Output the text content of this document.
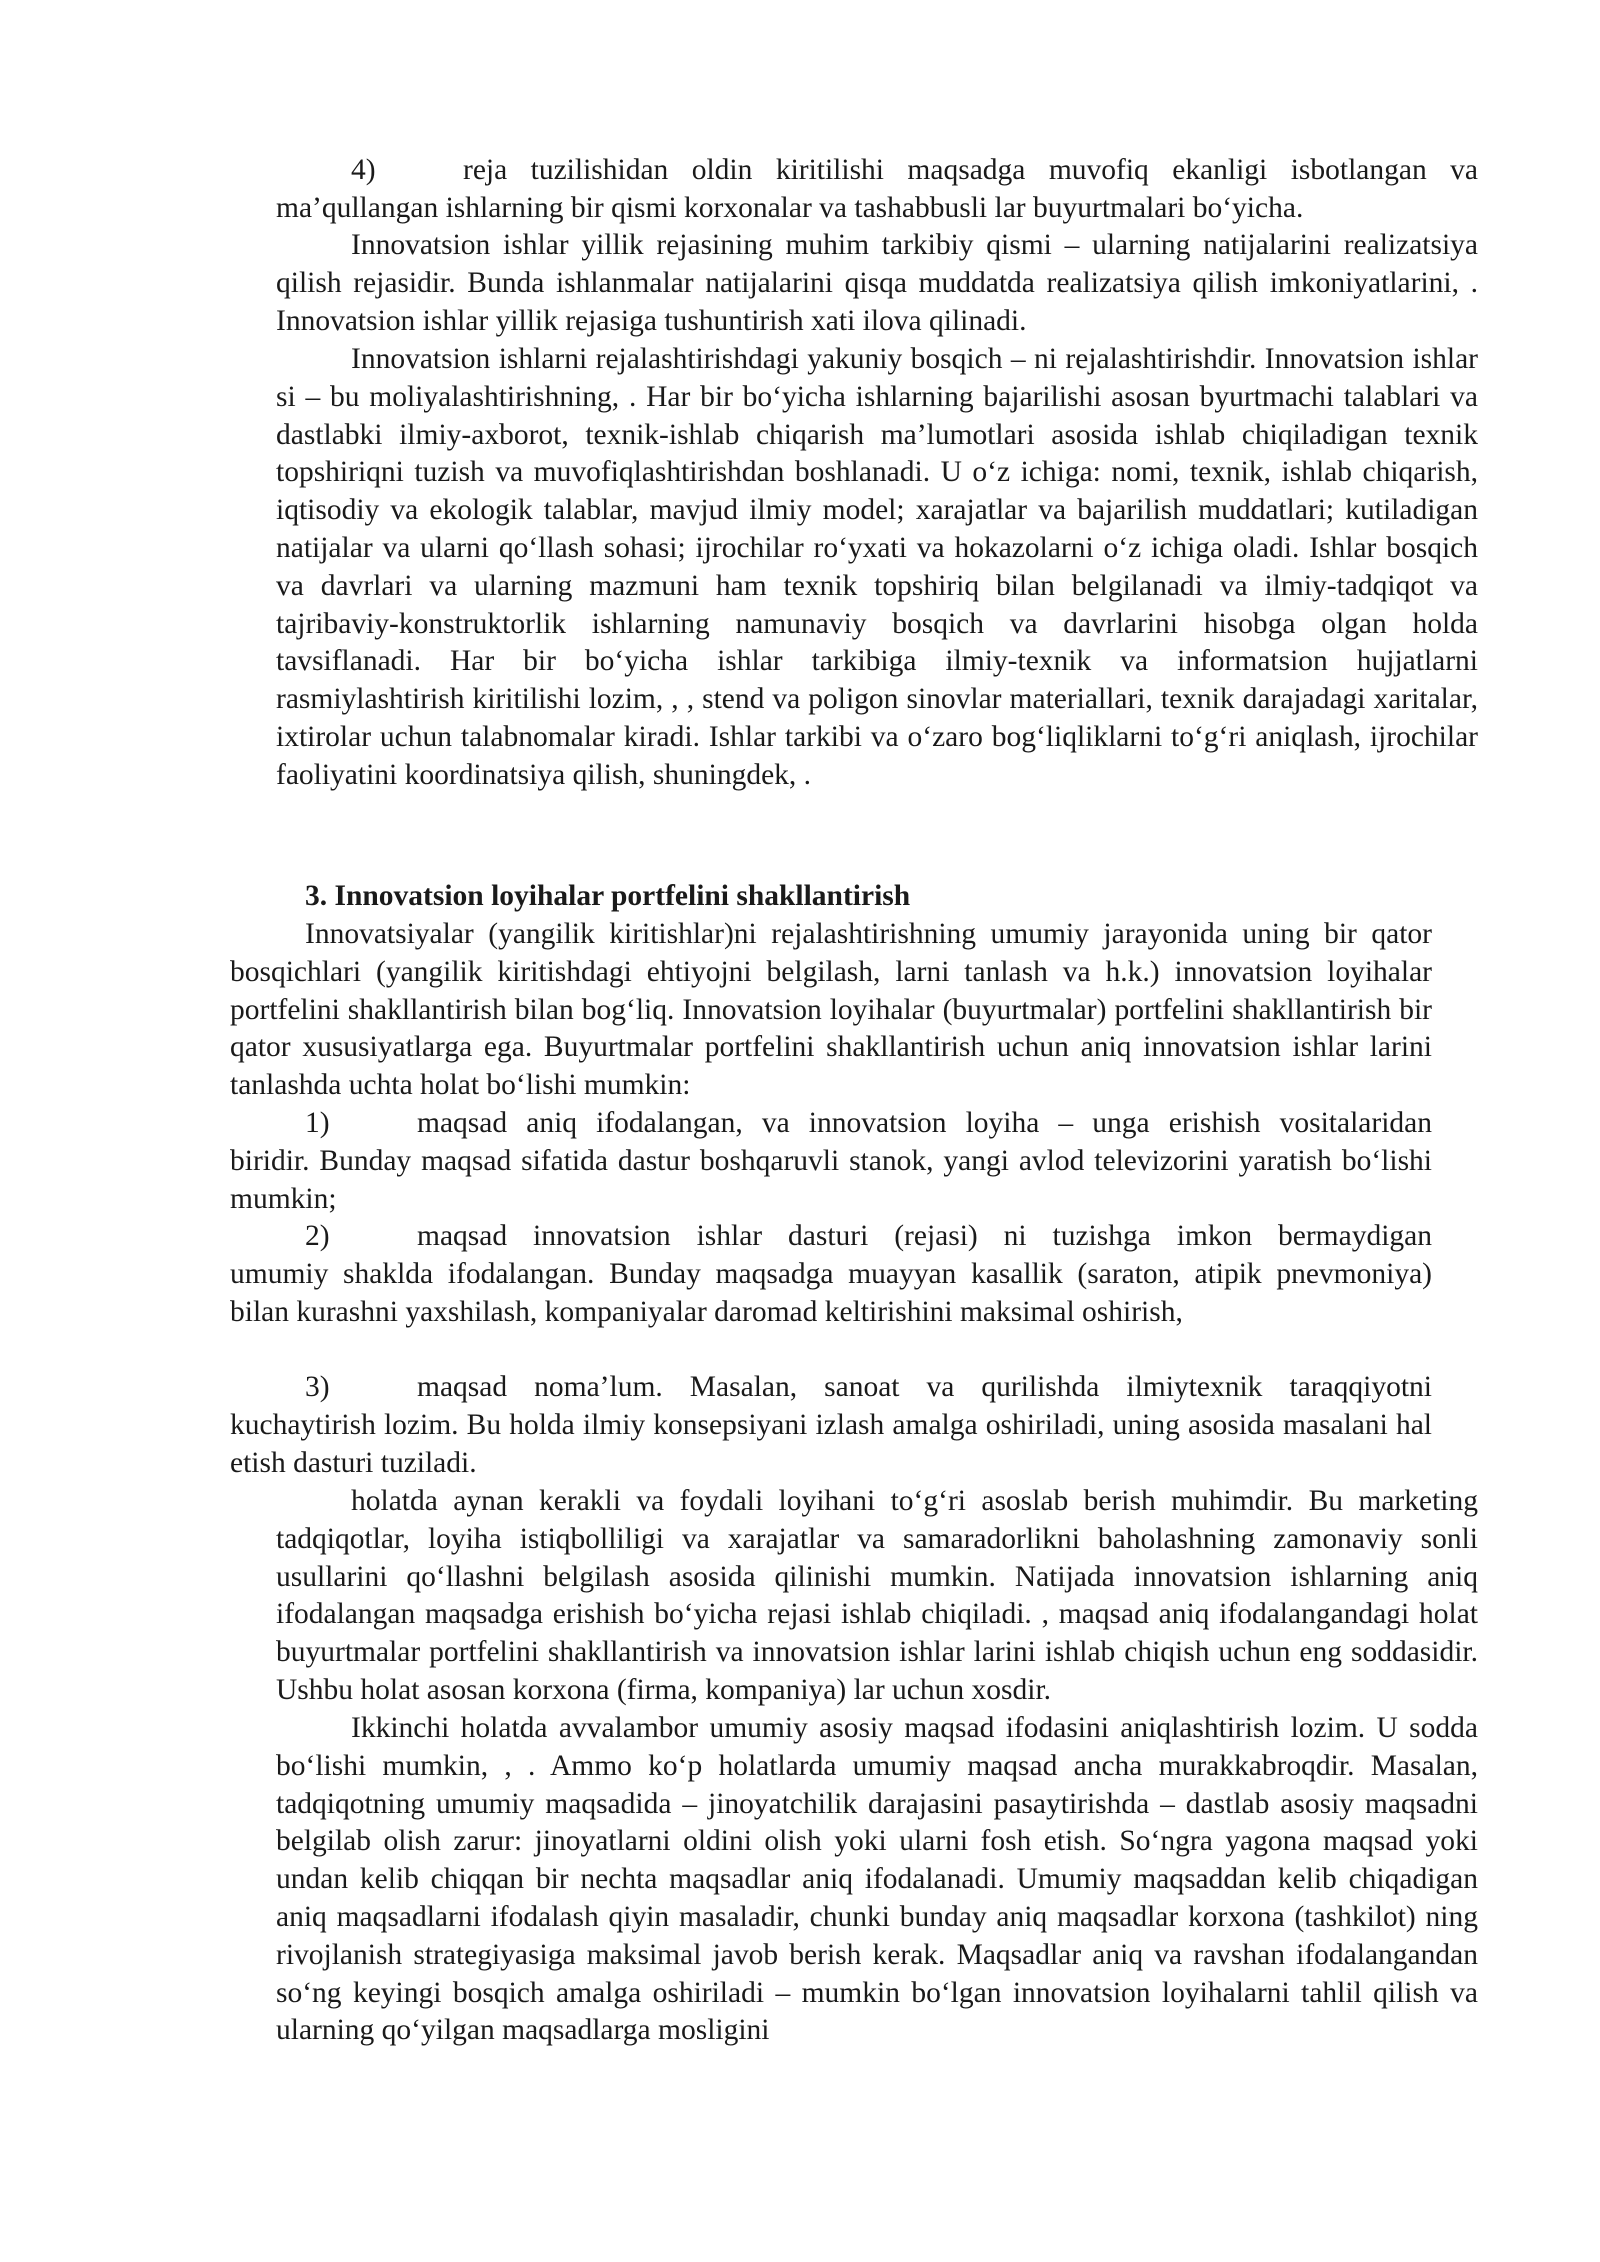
4)	reja tuzilishidan oldin kiritilishi maqsadga muvofiq ekanligi isbotlangan va
ma’qullangan ishlarning bir qismi korxonalar va tashabbusli lar buyurtmalari bo‘yicha.

Innovatsion ishlar yillik rejasining muhim tarkibiy qismi – ularning natijalarini realizatsiya qilish rejasidir. Bunda ishlanmalar natijalarini qisqa muddatda realizatsiya qilish imkoniyatlarini, . Innovatsion ishlar yillik rejasiga tushuntirish xati ilova qilinadi.

Innovatsion ishlarni rejalashtirishdagi yakuniy bosqich – ni rejalashtirishdir. Innovatsion ishlar si – bu moliyalashtirishning, . Har bir bo‘yicha ishlarning bajarilishi asosan byurtmachi talablari va dastlabki ilmiy-axborot, texnik-ishlab chiqarish ma’lumotlari asosida ishlab chiqiladigan texnik topshiriqni tuzish va muvofiqlashtirishdan boshlanadi. U o‘z ichiga: nomi, texnik, ishlab chiqarish, iqtisodiy va ekologik talablar, mavjud ilmiy model; xarajatlar va bajarilish muddatlari; kutiladigan natijalar va ularni qo‘llash sohasi; ijrochilar ro‘yxati va hokazolarni o‘z ichiga oladi. Ishlar bosqich va davrlari va ularning mazmuni ham texnik topshiriq bilan belgilanadi va ilmiy-tadqiqot va tajribaviy-konstruktorlik ishlarning namunaviy bosqich va davrlarini hisobga olgan holda tavsiflanadi. Har bir bo‘yicha ishlar tarkibiga ilmiy-texnik va informatsion hujjatlarni rasmiylashtirish kiritilishi lozim, , , stend va poligon sinovlar materiallari, texnik darajadagi xaritalar, ixtirolar uchun talabnomalar kiradi. Ishlar tarkibi va o‘zaro bog‘liqliklarni to‘g‘ri aniqlash, ijrochilar faoliyatini koordinatsiya qilish, shuningdek, .

3. Innovatsion loyihalar portfelini shakllantirish

Innovatsiyalar (yangilik kiritishlar)ni rejalashtirishning umumiy jarayonida uning bir qator bosqichlari (yangilik kiritishdagi ehtiyojni belgilash, larni tanlash va h.k.) innovatsion loyihalar portfelini shakllantirish bilan bog‘liq. Innovatsion loyihalar (buyurtmalar) portfelini shakllantirish bir qator xususiyatlarga ega. Buyurtmalar portfelini shakllantirish uchun aniq innovatsion ishlar larini tanlashda uchta holat bo‘lishi mumkin:

1)	maqsad aniq ifodalangan, va innovatsion loyiha – unga erishish vositalaridan
biridir. Bunday maqsad sifatida dastur boshqaruvli stanok, yangi avlod televizorini yaratish bo‘lishi mumkin;
2)	maqsad innovatsion ishlar dasturi (rejasi) ni tuzishga imkon bermaydigan
umumiy shaklda ifodalangan. Bunday maqsadga muayyan kasallik (saraton, atipik pnevmoniya) bilan kurashni yaxshilash, kompaniyalar daromad keltirishini maksimal oshirish,
3)	maqsad noma’lum. Masalan, sanoat va qurilishda ilmiytexnik taraqqiyotni
kuchaytirish lozim. Bu holda ilmiy konsepsiyani izlash amalga oshiriladi, uning asosida masalani hal etish dasturi tuziladi.

holatda aynan kerakli va foydali loyihani to‘g‘ri asoslab berish muhimdir. Bu marketing tadqiqotlar, loyiha istiqbolliligi va xarajatlar va samaradorlikni baholashning zamonaviy sonli usullarini qo‘llashni belgilash asosida qilinishi mumkin. Natijada innovatsion ishlarning aniq ifodalangan maqsadga erishish bo‘yicha rejasi ishlab chiqiladi. , maqsad aniq ifodalangandagi holat buyurtmalar portfelini shakllantirish va innovatsion ishlar larini ishlab chiqish uchun eng soddasidir. Ushbu holat asosan korxona (firma, kompaniya) lar uchun xosdir.

Ikkinchi holatda avvalambor umumiy asosiy maqsad ifodasini aniqlashtirish lozim. U sodda bo‘lishi mumkin, , . Ammo ko‘p holatlarda umumiy maqsad ancha murakkabroqdir. Masalan, tadqiqotning umumiy maqsadida – jinoyatchilik darajasini pasaytirishda – dastlab asosiy maqsadni belgilab olish zarur: jinoyatlarni oldini olish yoki ularni fosh etish. So‘ngra yagona maqsad yoki undan kelib chiqqan bir nechta maqsadlar aniq ifodalanadi. Umumiy maqsaddan kelib chiqadigan aniq maqsadlarni ifodalash qiyin masaladir, chunki bunday aniq maqsadlar korxona (tashkilot) ning rivojlanish strategiyasiga maksimal javob berish kerak. Maqsadlar aniq va ravshan ifodalangandan so‘ng keyingi bosqich amalga oshiriladi – mumkin bo‘lgan innovatsion loyihalarni tahlil qilish va ularning qo‘yilgan maqsadlarga mosligini
